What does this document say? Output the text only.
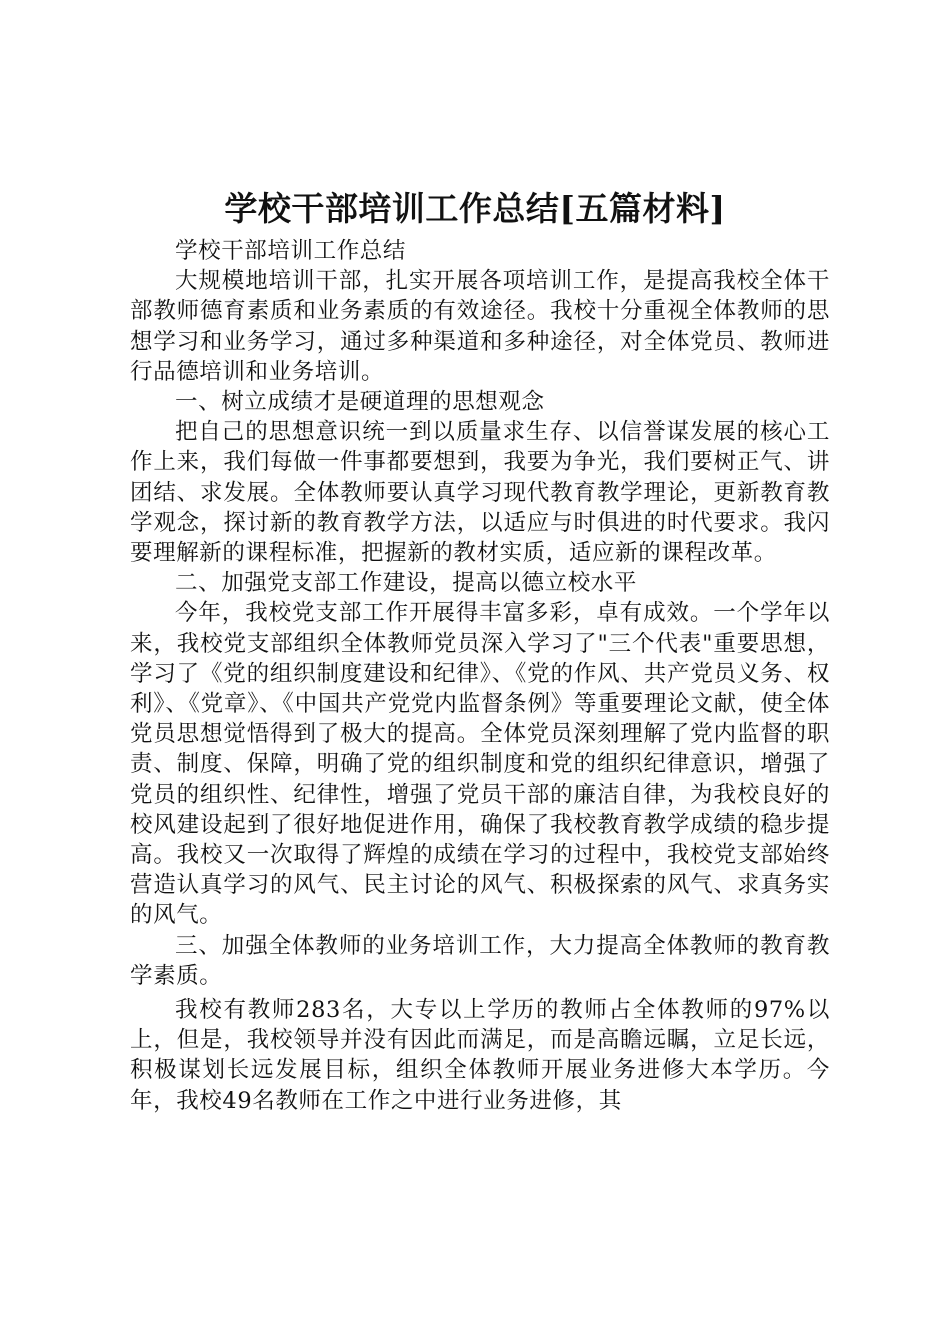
学校干部培训工作总结[五篇材料]

学校干部培训工作总结

大规模地培训干部，扎实开展各项培训工作，是提高我校全体干部教师德育素质和业务素质的有效途径。我校十分重视全体教师的思想学习和业务学习，通过多种渠道和多种途径，对全体党员、教师进行品德培训和业务培训。

一、树立成绩才是硬道理的思想观念

把自己的思想意识统一到以质量求生存、以信誉谋发展的核心工作上来，我们每做一件事都要想到，我要为争光，我们要树正气、讲团结、求发展。全体教师要认真学习现代教育教学理论，更新教育教学观念，探讨新的教育教学方法，以适应与时俱进的时代要求。我闪要理解新的课程标准，把握新的教材实质，适应新的课程改革。

二、加强党支部工作建设，提高以德立校水平

今年，我校党支部工作开展得丰富多彩，卓有成效。一个学年以来，我校党支部组织全体教师党员深入学习了"三个代表"重要思想，学习了《党的组织制度建设和纪律》、《党的作风、共产党员义务、权利》、《党章》、《中国共产党党内监督条例》等重要理论文献，使全体党员思想觉悟得到了极大的提高。全体党员深刻理解了党内监督的职责、制度、保障，明确了党的组织制度和党的组织纪律意识，增强了党员的组织性、纪律性，增强了党员干部的廉洁自律，为我校良好的校风建设起到了很好地促进作用，确保了我校教育教学成绩的稳步提高。我校又一次取得了辉煌的成绩在学习的过程中，我校党支部始终营造认真学习的风气、民主讨论的风气、积极探索的风气、求真务实的风气。

三、加强全体教师的业务培训工作，大力提高全体教师的教育教学素质。

我校有教师283名，大专以上学历的教师占全体教师的97%以上，但是，我校领导并没有因此而满足，而是高瞻远瞩，立足长远，积极谋划长远发展目标，组织全体教师开展业务进修大本学历。今年，我校49名教师在工作之中进行业务进修，其
